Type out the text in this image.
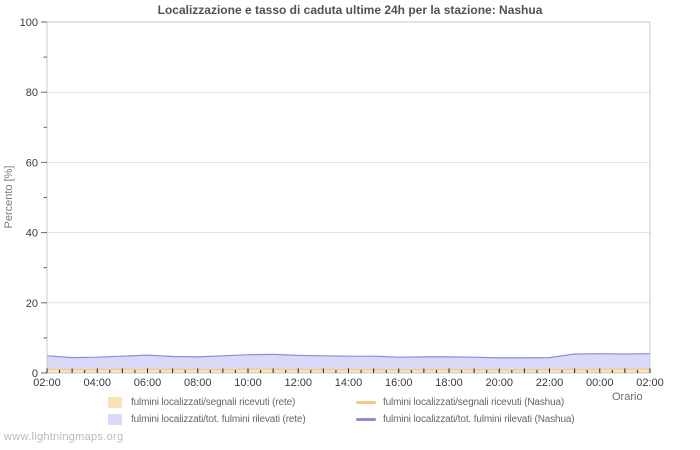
Localizzazione e tasso di caduta ultime 24h per la stazione: Nashua
0
20
40
60
80
100
02:00 04:00 06:00 08:00 10:00 12:00 14:00 16:00 18:00 20:00 22:00 00:00 02:00
Percento [%]
Orario
fulmini localizzati/segnali ricevuti (rete)
fulmini localizzati/tot. fulmini rilevati (rete)
fulmini localizzati/segnali ricevuti (Nashua)
fulmini localizzati/tot. fulmini rilevati (Nashua)
www.lightningmaps.org
